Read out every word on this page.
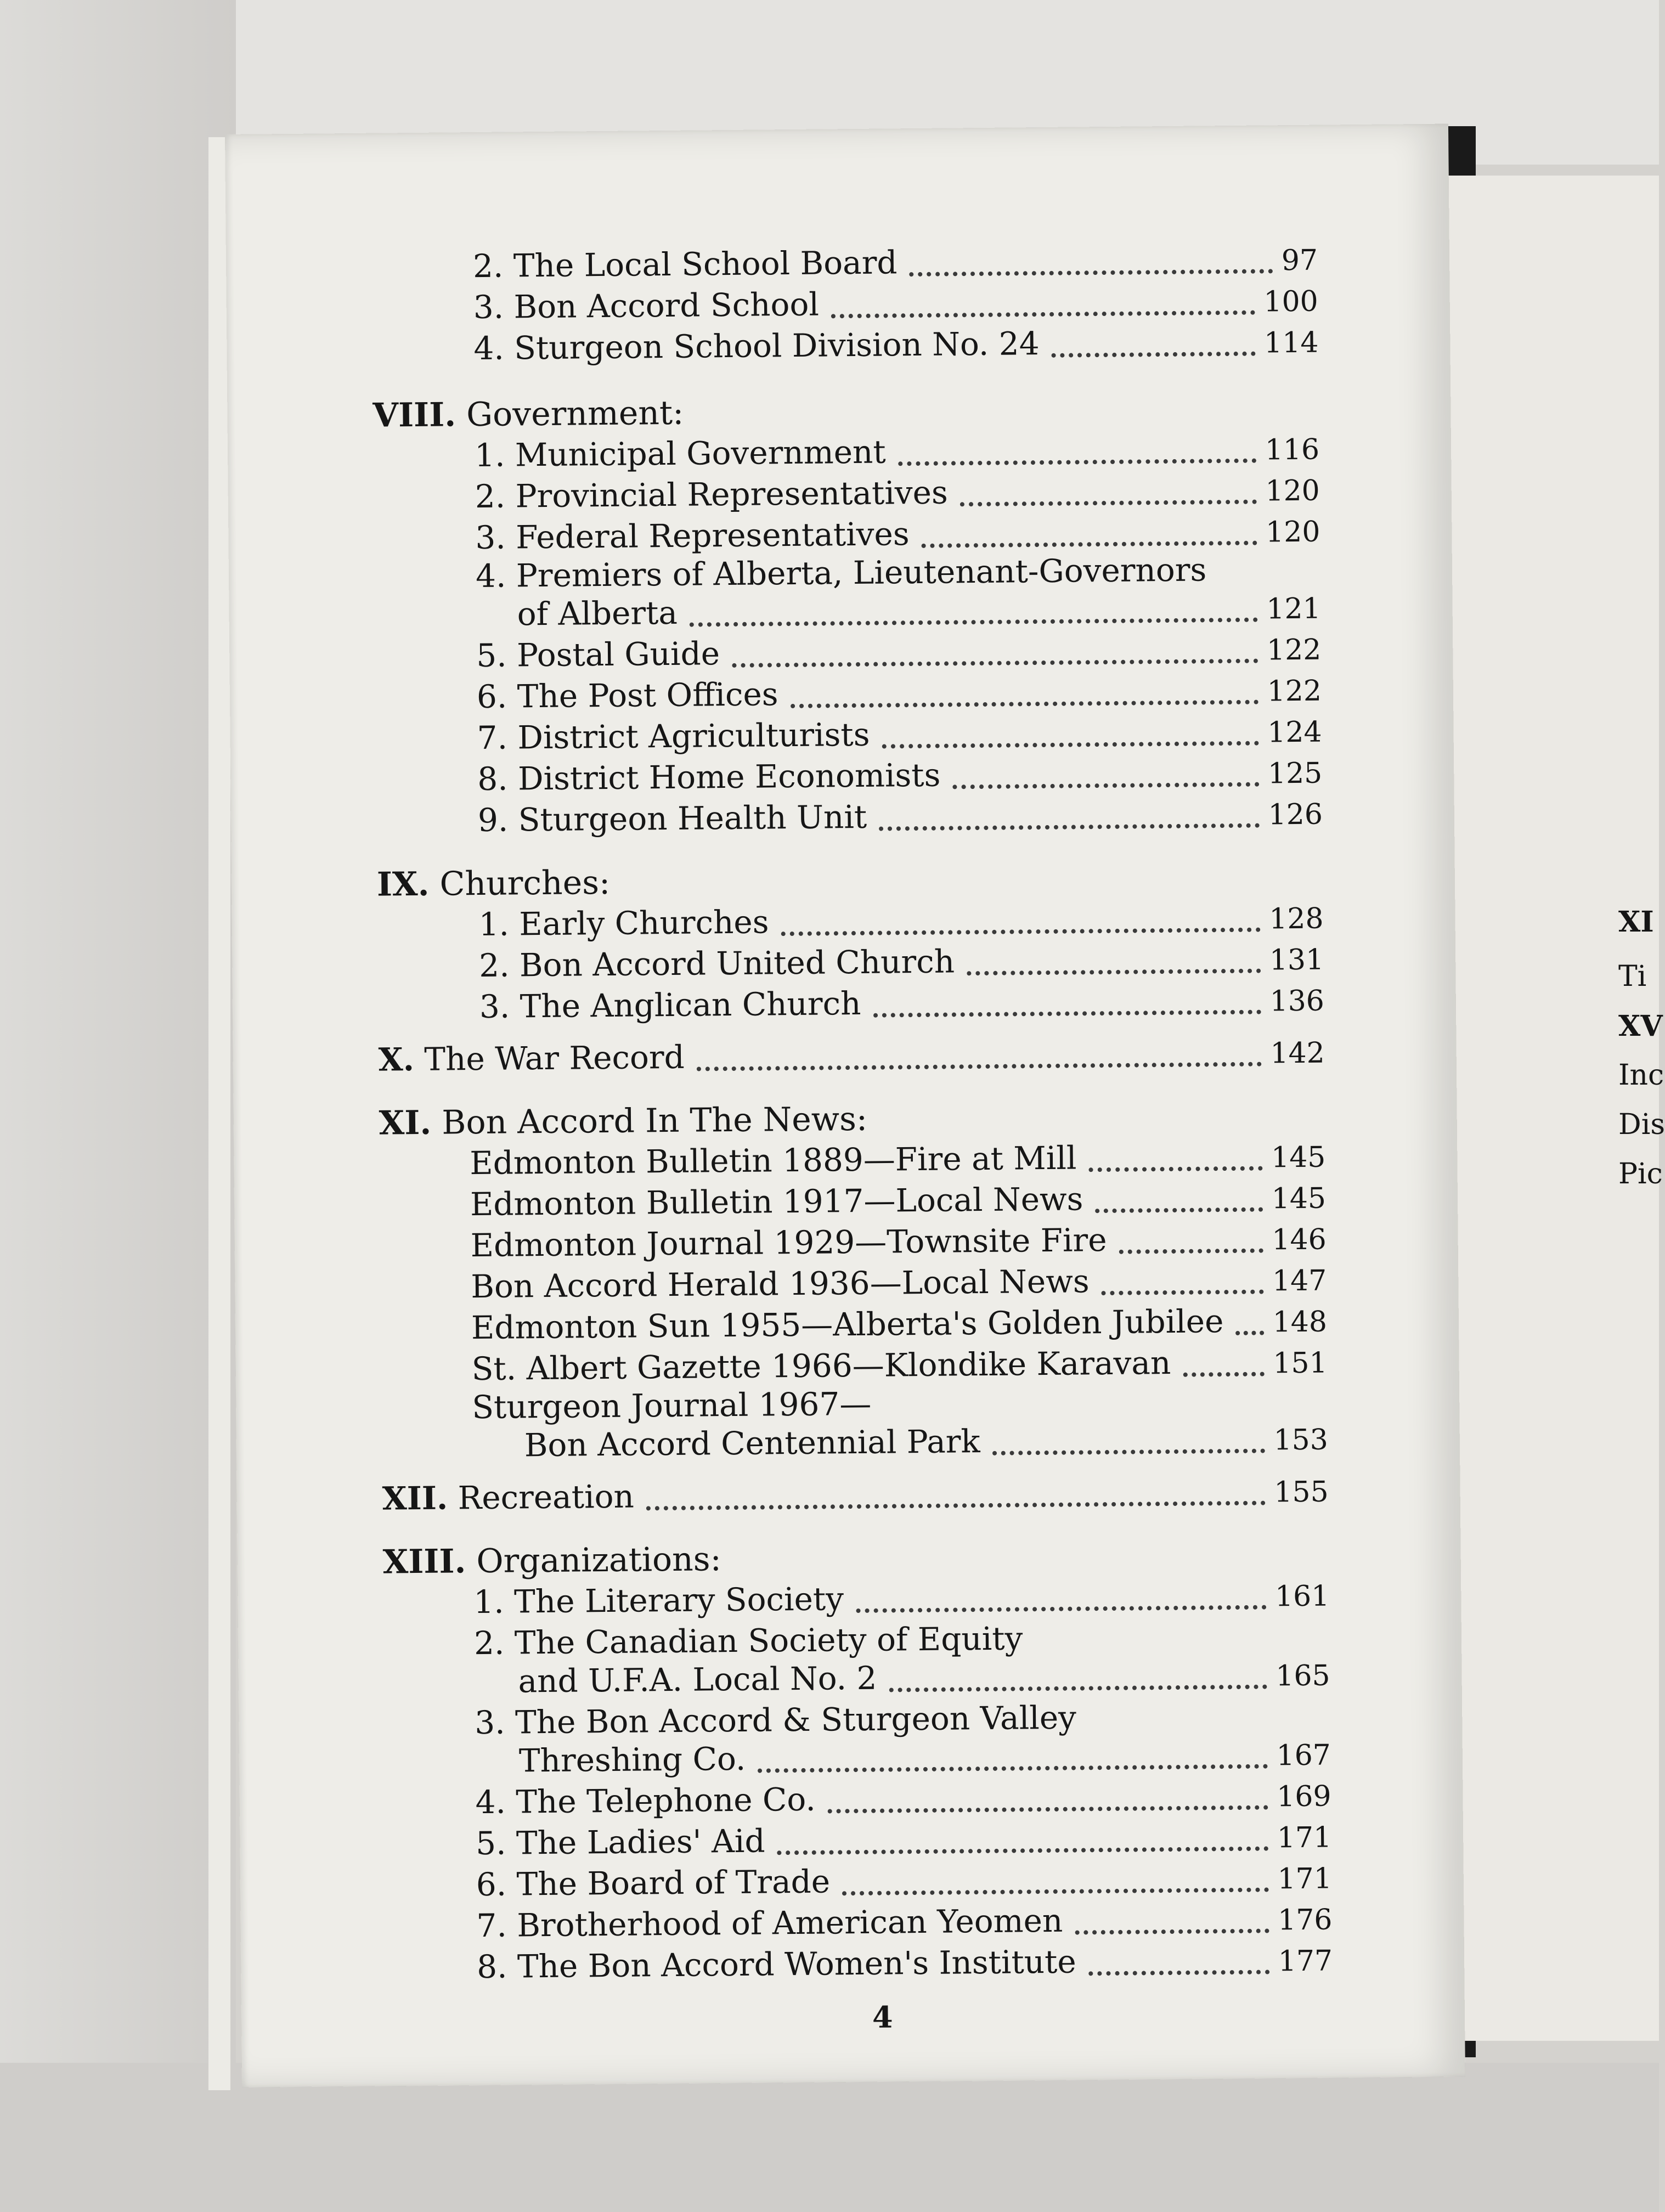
XI
Ti
XV
Inc
Dis
Pic
2. The Local School Board	97
3. Bon Accord School	100
4. Sturgeon School Division No. 24	114
VIII. Government:
1. Municipal Government	116
2. Provincial Representatives	120
3. Federal Representatives	120
4. Premiers of Alberta, Lieutenant-Governors
of Alberta	121
5. Postal Guide	122
6. The Post Offices	122
7. District Agriculturists	124
8. District Home Economists	125
9. Sturgeon Health Unit	126
IX. Churches:
1. Early Churches	128
2. Bon Accord United Church	131
3. The Anglican Church	136
X. The War Record	142
XI. Bon Accord In The News:
Edmonton Bulletin 1889—Fire at Mill	145
Edmonton Bulletin 1917—Local News	145
Edmonton Journal 1929—Townsite Fire	146
Bon Accord Herald 1936—Local News	147
Edmonton Sun 1955—Alberta's Golden Jubilee 148
St. Albert Gazette 1966—Klondike Karavan	151
Sturgeon Journal 1967—
Bon Accord Centennial Park	153
XII. Recreation	155
XIII. Organizations:
1. The Literary Society	161
2. The Canadian Society of Equity
and U.F.A. Local No. 2	165
3. The Bon Accord & Sturgeon Valley
Threshing Co.	167
4. The Telephone Co.	169
5. The Ladies' Aid	171
6. The Board of Trade	171
7. Brotherhood of American Yeomen	176
8. The Bon Accord Women's Institute	177
4
